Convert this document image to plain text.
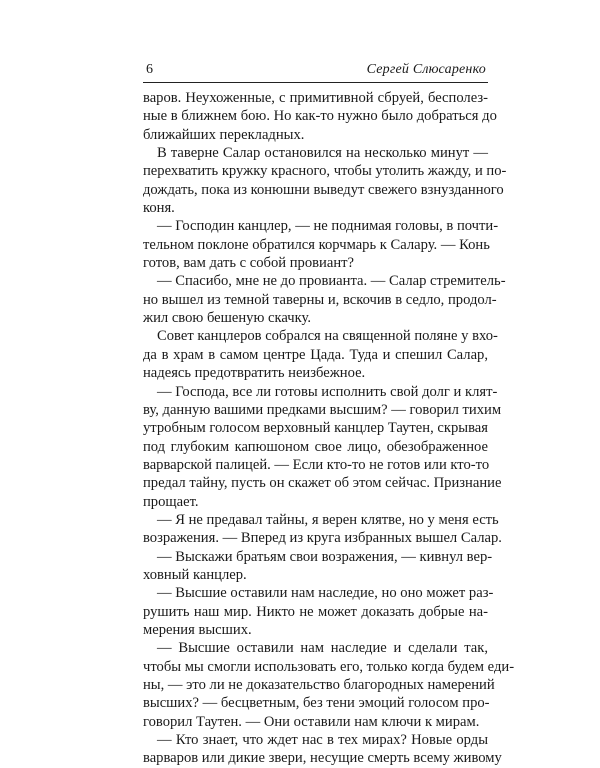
6	Сергей Слюсаренко
варов. Неухоженные, с примитивной сбруей, бесполез-
ные в ближнем бою. Но как-то нужно было добраться до
ближайших перекладных.
В таверне Салар остановился на несколько минут —
перехватить кружку красного, чтобы утолить жажду, и по-
дождать, пока из конюшни выведут свежего взнузданного
коня.
— Господин канцлер, — не поднимая головы, в почти-
тельном поклоне обратился корчмарь к Салару. — Конь
готов, вам дать с собой провиант?
— Спасибо, мне не до провианта. — Салар стремитель-
но вышел из темной таверны и, вскочив в седло, продол-
жил свою бешеную скачку.
Совет канцлеров собрался на священной поляне у вхо-
да в храм в самом центре Цада. Туда и спешил Салар,
надеясь предотвратить неизбежное.
— Господа, все ли готовы исполнить свой долг и клят-
ву, данную вашими предками высшим? — говорил тихим
утробным голосом верховный канцлер Таутен, скрывая
под глубоким капюшоном свое лицо, обезображенное
варварской палицей. — Если кто-то не готов или кто-то
предал тайну, пусть он скажет об этом сейчас. Признание
прощает.
— Я не предавал тайны, я верен клятве, но у меня есть
возражения. — Вперед из круга избранных вышел Салар.
— Выскажи братьям свои возражения, — кивнул вер-
ховный канцлер.
— Высшие оставили нам наследие, но оно может раз-
рушить наш мир. Никто не может доказать добрые на-
мерения высших.
— Высшие оставили нам наследие и сделали так,
чтобы мы смогли использовать его, только когда будем еди-
ны, — это ли не доказательство благородных намерений
высших? — бесцветным, без тени эмоций голосом про-
говорил Таутен. — Они оставили нам ключи к мирам.
— Кто знает, что ждет нас в тех мирах? Новые орды
варваров или дикие звери, несущие смерть всему живому
